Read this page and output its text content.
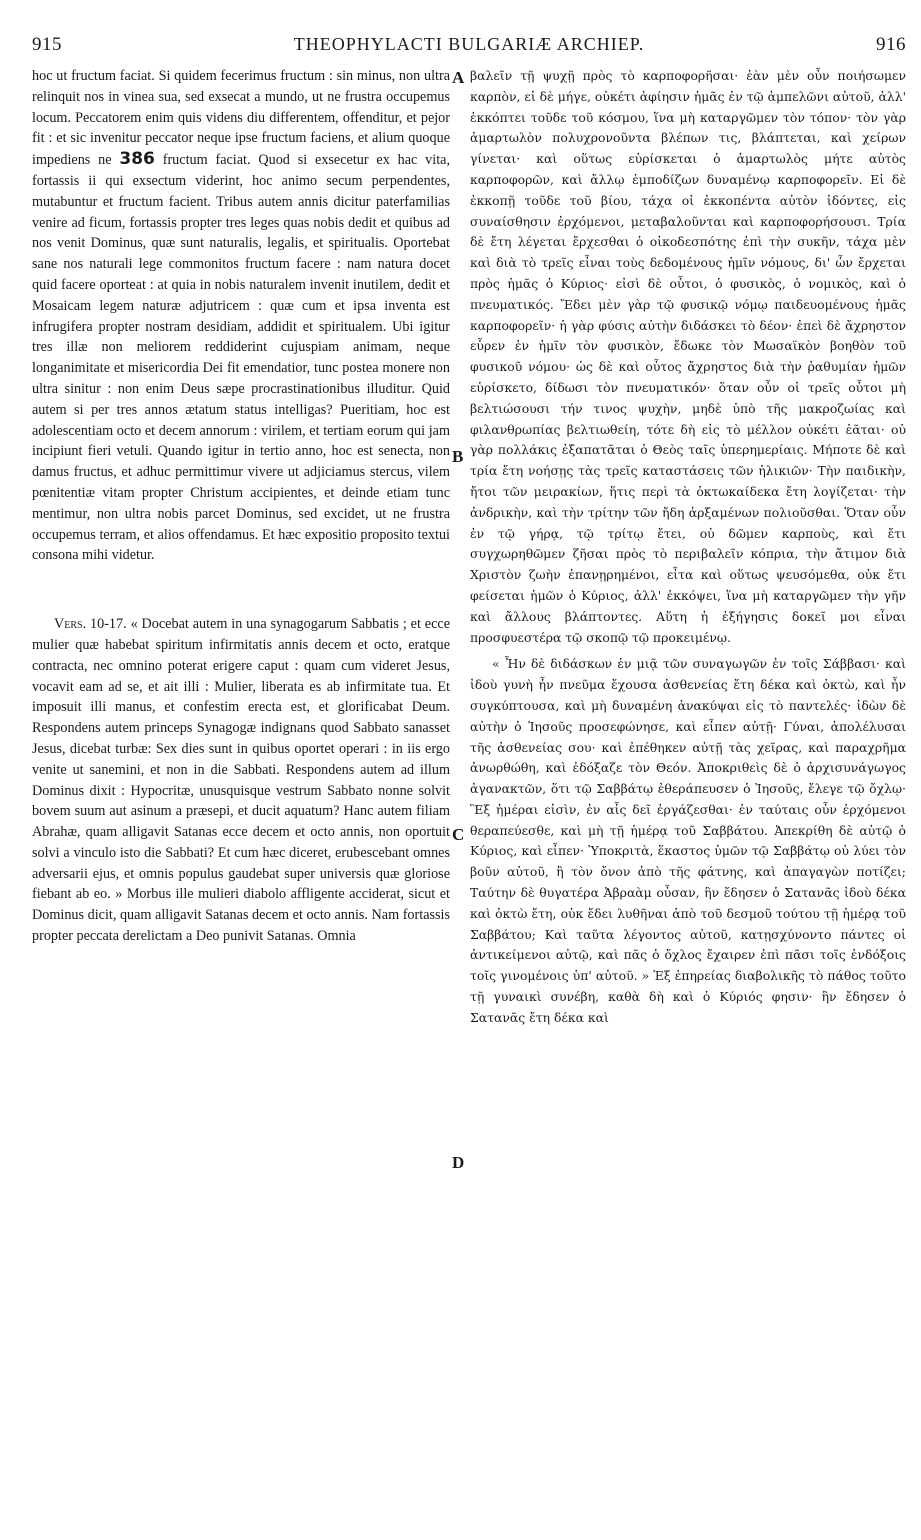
915	THEOPHYLACTI BULGARIÆ ARCHIEP.	916
A
B
C
D

hoc ut fructum faciat. Si quidem fecerimus fructum : sin minus, non ultra relinquit nos in vinea sua, sed exsecat a mundo, ut ne frustra occupemus locum. Peccatorem enim quis videns diu differentem, offenditur, et pejor fit : et sic invenitur peccator neque ipse fructum faciens, et alium quoque impediens ne 386 fructum faciat. Quod si exsecetur ex hac vita, fortassis ii qui exsectum viderint, hoc animo secum perpendentes, mutabuntur et fructum facient. Tribus autem annis dicitur paterfamilias venire ad ficum, fortassis propter tres leges quas nobis dedit et quibus ad nos venit Dominus, quæ sunt naturalis, legalis, et spiritualis. Oportebat sane nos naturali lege commonitos fructum facere : nam natura docet quid facere oporteat : at quia in nobis naturalem invenit inutilem, dedit et Mosaicam legem naturæ adjutricem : quæ cum et ipsa inventa est infrugifera propter nostram desidiam, addidit et spiritualem. Ubi igitur tres illæ non meliorem reddiderint cujuspiam animam, neque longanimitate et misericordia Dei fit emendatior, tunc postea monere non ultra sinitur : non enim Deus sæpe procrastinationibus illuditur. Quid autem si per tres annos ætatum status intelligas? Pueritiam, hoc est adolescentiam octo et decem annorum : virilem, et tertiam eorum qui jam incipiunt fieri vetuli. Quando igitur in tertio anno, hoc est senecta, non damus fructus, et adhuc permittimur vivere ut adjiciamus stercus, vilem pœnitentiæ vitam propter Christum accipientes, et deinde etiam tunc mentimur, non ultra nobis parcet Dominus, sed excidet, ut ne frustra occupemus terram, et alios offendamus. Et hæc expositio proposito textui consona mihi videtur.

Vers. 10-17. « Docebat autem in una synagogarum Sabbatis ; et ecce mulier quæ habebat spiritum infirmitatis annis decem et octo, eratque contracta, nec omnino poterat erigere caput : quam cum videret Jesus, vocavit eam ad se, et ait illi : Mulier, liberata es ab infirmitate tua. Et imposuit illi manus, et confestim erecta est, et glorificabat Deum. Respondens autem princeps Synagogæ indignans quod Sabbato sanasset Jesus, dicebat turbæ: Sex dies sunt in quibus oportet operari : in iis ergo venite ut sanemini, et non in die Sabbati. Respondens autem ad illum Dominus dixit : Hypocritæ, unusquisque vestrum Sabbato nonne solvit bovem suum aut asinum a præsepi, et ducit aquatum? Hanc autem filiam Abrahæ, quam alligavit Satanas ecce decem et octo annis, non oportuit solvi a vinculo isto die Sabbati? Et cum hæc diceret, erubescebant omnes adversarii ejus, et omnis populus gaudebat super universis quæ gloriose fiebant ab eo. » Morbus ille mulieri diabolo affligente acciderat, sicut et Dominus dicit, quam alligavit Satanas decem et octo annis. Nam fortassis propter peccata derelictam a Deo punivit Satanas. Omnia

βαλεῖν τῇ ψυχῇ πρὸς τὸ καρποφορῆσαι· ἐὰν μὲν οὖν ποιήσωμεν καρπὸν, εἰ δὲ μήγε, οὐκέτι ἀφίησιν ἡμᾶς ἐν τῷ ἀμπελῶνι αὐτοῦ, ἀλλ' ἐκκόπτει τοῦδε τοῦ κόσμου, ἵνα μὴ καταργῶμεν τὸν τόπον· τὸν γὰρ ἁμαρτωλὸν πολυχρονοῦντα βλέπων τις, βλάπτεται, καὶ χείρων γίνεται· καὶ οὕτως εὑρίσκεται ὁ ἁμαρτωλὸς μήτε αὐτὸς καρποφορῶν, καὶ ἄλλῳ ἐμποδίζων δυναμένῳ καρποφορεῖν. Εἰ δὲ ἐκκοπῇ τοῦδε τοῦ βίου, τάχα οἱ ἐκκοπέντα αὐτὸν ἰδόντες, εἰς συναίσθησιν ἐρχόμενοι, μεταβαλοῦνται καὶ καρποφορήσουσι. Τρία δὲ ἔτη λέγεται ἔρχεσθαι ὁ οἰκοδεσπότης ἐπὶ τὴν συκῆν, τάχα μὲν καὶ διὰ τὸ τρεῖς εἶναι τοὺς δεδομένους ἡμῖν νόμους, δι' ὧν ἔρχεται πρὸς ἡμᾶς ὁ Κύριος· εἰσὶ δὲ οὗτοι, ὁ φυσικὸς, ὁ νομικὸς, καὶ ὁ πνευματικός. Ἔδει μὲν γὰρ τῷ φυσικῷ νόμῳ παιδευομένους ἡμᾶς καρποφορεῖν· ἡ γὰρ φύσις αὐτὴν διδάσκει τὸ δέον· ἐπεὶ δὲ ἄχρηστον εὗρεν ἐν ἡμῖν τὸν φυσικὸν, ἔδωκε τὸν Μωσαϊκὸν βοηθὸν τοῦ φυσικοῦ νόμου· ὡς δὲ καὶ οὗτος ἄχρηστος διὰ τὴν ῥαθυμίαν ἡμῶν εὑρίσκετο, δίδωσι τὸν πνευματικόν· ὅταν οὖν οἱ τρεῖς οὗτοι μὴ βελτιώσουσι τήν τινος ψυχὴν, μηδὲ ὑπὸ τῆς μακροζωίας καὶ φιλανθρωπίας βελτιωθείη, τότε δὴ εἰς τὸ μέλλον οὐκέτι ἐᾶται· οὐ γὰρ πολλάκις ἐξαπατᾶται ὁ Θεὸς ταῖς ὑπερημερίαις. Μήποτε δὲ καὶ τρία ἔτη νοήσῃς τὰς τρεῖς καταστάσεις τῶν ἡλικιῶν· Τὴν παιδικὴν, ἤτοι τῶν μειρακίων, ἥτις περὶ τὰ ὀκτωκαίδεκα ἔτη λογίζεται· τὴν ἀνδρικὴν, καὶ τὴν τρίτην τῶν ἤδη ἀρξαμένων πολιοῦσθαι. Ὅταν οὖν ἐν τῷ γήρᾳ, τῷ τρίτῳ ἔτει, οὐ δῶμεν καρποὺς, καὶ ἔτι συγχωρηθῶμεν ζῆσαι πρὸς τὸ περιβαλεῖν κόπρια, τὴν ἄτιμον διὰ Χριστὸν ζωὴν ἐπανῃρημένοι, εἶτα καὶ οὕτως ψευσόμεθα, οὐκ ἔτι φείσεται ἡμῶν ὁ Κύριος, ἀλλ' ἐκκόψει, ἵνα μὴ καταργῶμεν τὴν γῆν καὶ ἄλλους βλάπτοντες. Αὕτη ἡ ἐξήγησις δοκεῖ μοι εἶναι προσφυεστέρα τῷ σκοπῷ τῷ προκειμένῳ.

« Ἦν δὲ διδάσκων ἐν μιᾷ τῶν συναγωγῶν ἐν τοῖς Σάββασι· καὶ ἰδοὺ γυνὴ ἦν πνεῦμα ἔχουσα ἀσθενείας ἔτη δέκα καὶ ὀκτὼ, καὶ ἦν συγκύπτουσα, καὶ μὴ δυναμένη ἀνακύψαι εἰς τὸ παντελές· ἰδὼν δὲ αὐτὴν ὁ Ἰησοῦς προσεφώνησε, καὶ εἶπεν αὐτῇ· Γύναι, ἀπολέλυσαι τῆς ἀσθενείας σου· καὶ ἐπέθηκεν αὐτῇ τὰς χεῖρας, καὶ παραχρῆμα ἀνωρθώθη, καὶ ἐδόξαζε τὸν Θεόν. Ἀποκριθεὶς δὲ ὁ ἀρχισυνάγωγος ἀγανακτῶν, ὅτι τῷ Σαββάτῳ ἐθεράπευσεν ὁ Ἰησοῦς, ἔλεγε τῷ ὄχλῳ· Ἓξ ἡμέραι εἰσὶν, ἐν αἷς δεῖ ἐργάζεσθαι· ἐν ταύταις οὖν ἐρχόμενοι θεραπεύεσθε, καὶ μὴ τῇ ἡμέρᾳ τοῦ Σαββάτου. Ἀπεκρίθη δὲ αὐτῷ ὁ Κύριος, καὶ εἶπεν· Ὑποκριτὰ, ἕκαστος ὑμῶν τῷ Σαββάτῳ οὐ λύει τὸν βοῦν αὐτοῦ, ἢ τὸν ὄνον ἀπὸ τῆς φάτνης, καὶ ἀπαγαγὼν ποτίζει; Ταύτην δὲ θυγατέρα Ἀβραὰμ οὖσαν, ἣν ἔδησεν ὁ Σατανᾶς ἰδοὺ δέκα καὶ ὀκτὼ ἔτη, οὐκ ἔδει λυθῆναι ἀπὸ τοῦ δεσμοῦ τούτου τῇ ἡμέρᾳ τοῦ Σαββάτου; Καὶ ταῦτα λέγοντος αὐτοῦ, κατῃσχύνοντο πάντες οἱ ἀντικείμενοι αὐτῷ, καὶ πᾶς ὁ ὄχλος ἔχαιρεν ἐπὶ πᾶσι τοῖς ἐνδόξοις τοῖς γινομένοις ὑπ' αὐτοῦ. » Ἐξ ἐπηρείας διαβολικῆς τὸ πάθος τοῦτο τῇ γυναικὶ συνέβη, καθὰ δὴ καὶ ὁ Κύριός φησιν· ἣν ἔδησεν ὁ Σατανᾶς ἔτη δέκα καὶ
